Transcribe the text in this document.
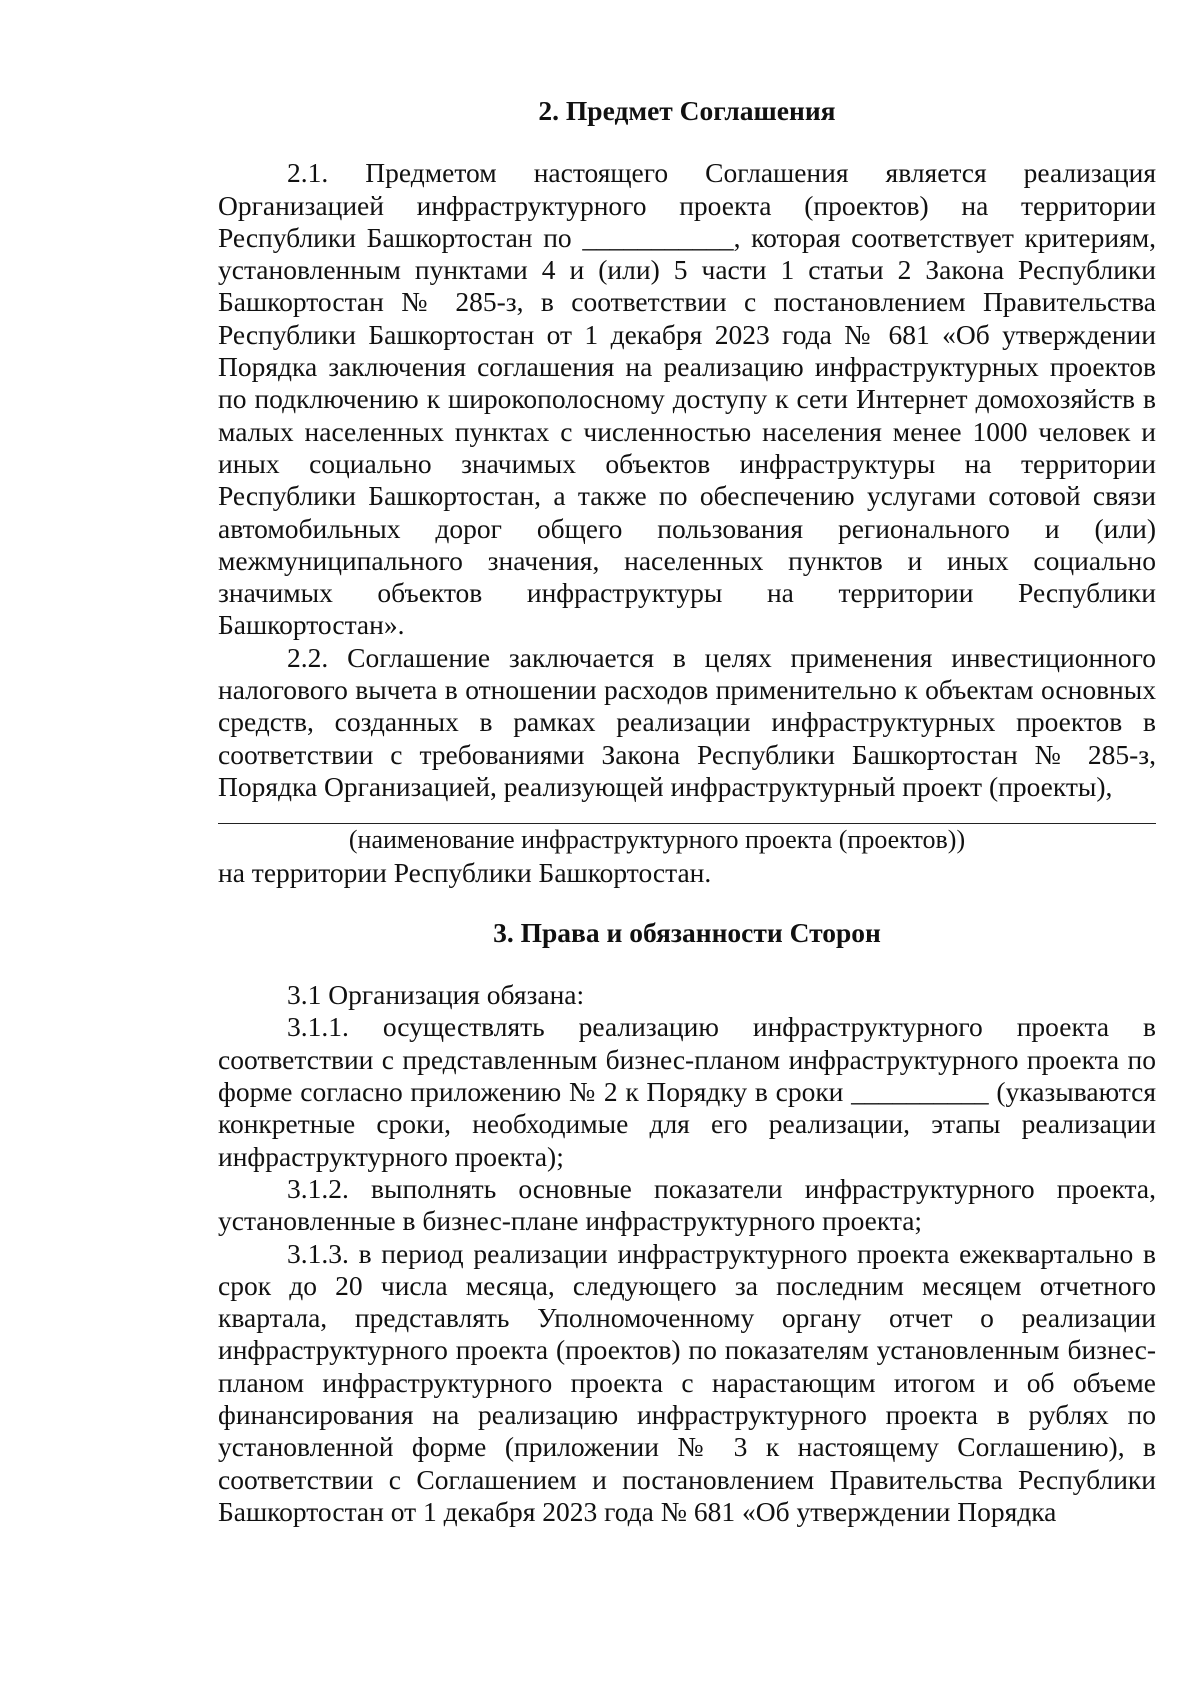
2. Предмет Соглашения

2.1. Предметом настоящего Соглашения является реализация Организацией инфраструктурного проекта (проектов) на территории Республики Башкортостан по ___________, которая соответствует критериям, установленным пунктами 4 и (или) 5 части 1 статьи 2 Закона Республики Башкортостан № 285-з, в соответствии с постановлением Правительства Республики Башкортостан от 1 декабря 2023 года № 681 «Об утверждении Порядка заключения соглашения на реализацию инфраструктурных проектов по подключению к широкополосному доступу к сети Интернет домохозяйств в малых населенных пунктах с численностью населения менее 1000 человек и иных социально значимых объектов инфраструктуры на территории Республики Башкортостан, а также по обеспечению услугами сотовой связи автомобильных дорог общего пользования регионального и (или) межмуниципального значения, населенных пунктов и иных социально значимых объектов инфраструктуры на территории Республики Башкортостан».

2.2. Соглашение заключается в целях применения инвестиционного налогового вычета в отношении расходов применительно к объектам основных средств, созданных в рамках реализации инфраструктурных проектов в соответствии с требованиями Закона Республики Башкортостан № 285-з, Порядка Организацией, реализующей инфраструктурный проект (проекты),

(наименование инфраструктурного проекта (проектов))

на территории Республики Башкортостан.

3. Права и обязанности Сторон

3.1 Организация обязана:

3.1.1. осуществлять реализацию инфраструктурного проекта в соответствии с представленным бизнес-планом инфраструктурного проекта по форме согласно приложению № 2 к Порядку в сроки __________ (указываются конкретные сроки, необходимые для его реализации, этапы реализации инфраструктурного проекта);

3.1.2. выполнять основные показатели инфраструктурного проекта, установленные в бизнес-плане инфраструктурного проекта;

3.1.3. в период реализации инфраструктурного проекта ежеквартально в срок до 20 числа месяца, следующего за последним месяцем отчетного квартала, представлять Уполномоченному органу отчет о реализации инфраструктурного проекта (проектов) по показателям установленным бизнес-планом инфраструктурного проекта с нарастающим итогом и об объеме финансирования на реализацию инфраструктурного проекта в рублях по установленной форме (приложении № 3 к настоящему Соглашению), в соответствии с Соглашением и постановлением Правительства Республики Башкортостан от 1 декабря 2023 года № 681 «Об утверждении Порядка
